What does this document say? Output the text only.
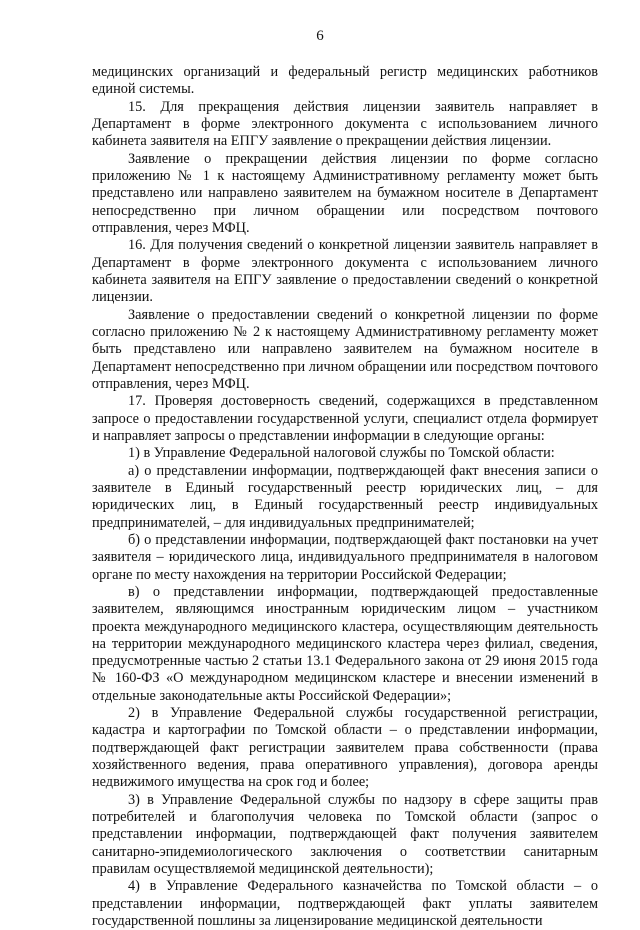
6

медицинских организаций и федеральный регистр медицинских работников единой системы.

15. Для прекращения действия лицензии заявитель направляет в Департамент в форме электронного документа с использованием личного кабинета заявителя на ЕПГУ заявление о прекращении действия лицензии.

Заявление о прекращении действия лицензии по форме согласно приложению № 1 к настоящему Административному регламенту может быть представлено или направлено заявителем на бумажном носителе в Департамент непосредственно при личном обращении или посредством почтового отправления, через МФЦ.

16. Для получения сведений о конкретной лицензии заявитель направляет в Департамент в форме электронного документа с использованием личного кабинета заявителя на ЕПГУ заявление о предоставлении сведений о конкретной лицензии.

Заявление о предоставлении сведений о конкретной лицензии по форме согласно приложению № 2 к настоящему Административному регламенту может быть представлено или направлено заявителем на бумажном носителе в Департамент непосредственно при личном обращении или посредством почтового отправления, через МФЦ.

17. Проверяя достоверность сведений, содержащихся в представленном запросе о предоставлении государственной услуги, специалист отдела формирует и направляет запросы о представлении информации в следующие органы:

1) в Управление Федеральной налоговой службы по Томской области:

а) о представлении информации, подтверждающей факт внесения записи о заявителе в Единый государственный реестр юридических лиц, – для юридических лиц, в Единый государственный реестр индивидуальных предпринимателей, – для индивидуальных предпринимателей;

б) о представлении информации, подтверждающей факт постановки на учет заявителя – юридического лица, индивидуального предпринимателя в налоговом органе по месту нахождения на территории Российской Федерации;

в) о представлении информации, подтверждающей предоставленные заявителем, являющимся иностранным юридическим лицом – участником проекта международного медицинского кластера, осуществляющим деятельность на территории международного медицинского кластера через филиал, сведения, предусмотренные частью 2 статьи 13.1 Федерального закона от 29 июня 2015 года № 160-ФЗ «О международном медицинском кластере и внесении изменений в отдельные законодательные акты Российской Федерации»;

2) в Управление Федеральной службы государственной регистрации, кадастра и картографии по Томской области – о представлении информации, подтверждающей факт регистрации заявителем права собственности (права хозяйственного ведения, права оперативного управления), договора аренды недвижимого имущества на срок год и более;

3) в Управление Федеральной службы по надзору в сфере защиты прав потребителей и благополучия человека по Томской области (запрос о представлении информации, подтверждающей факт получения заявителем санитарно-эпидемиологического заключения о соответствии санитарным правилам осуществляемой медицинской деятельности);

4) в Управление Федерального казначейства по Томской области – о представлении информации, подтверждающей факт уплаты заявителем государственной пошлины за лицензирование медицинской деятельности
